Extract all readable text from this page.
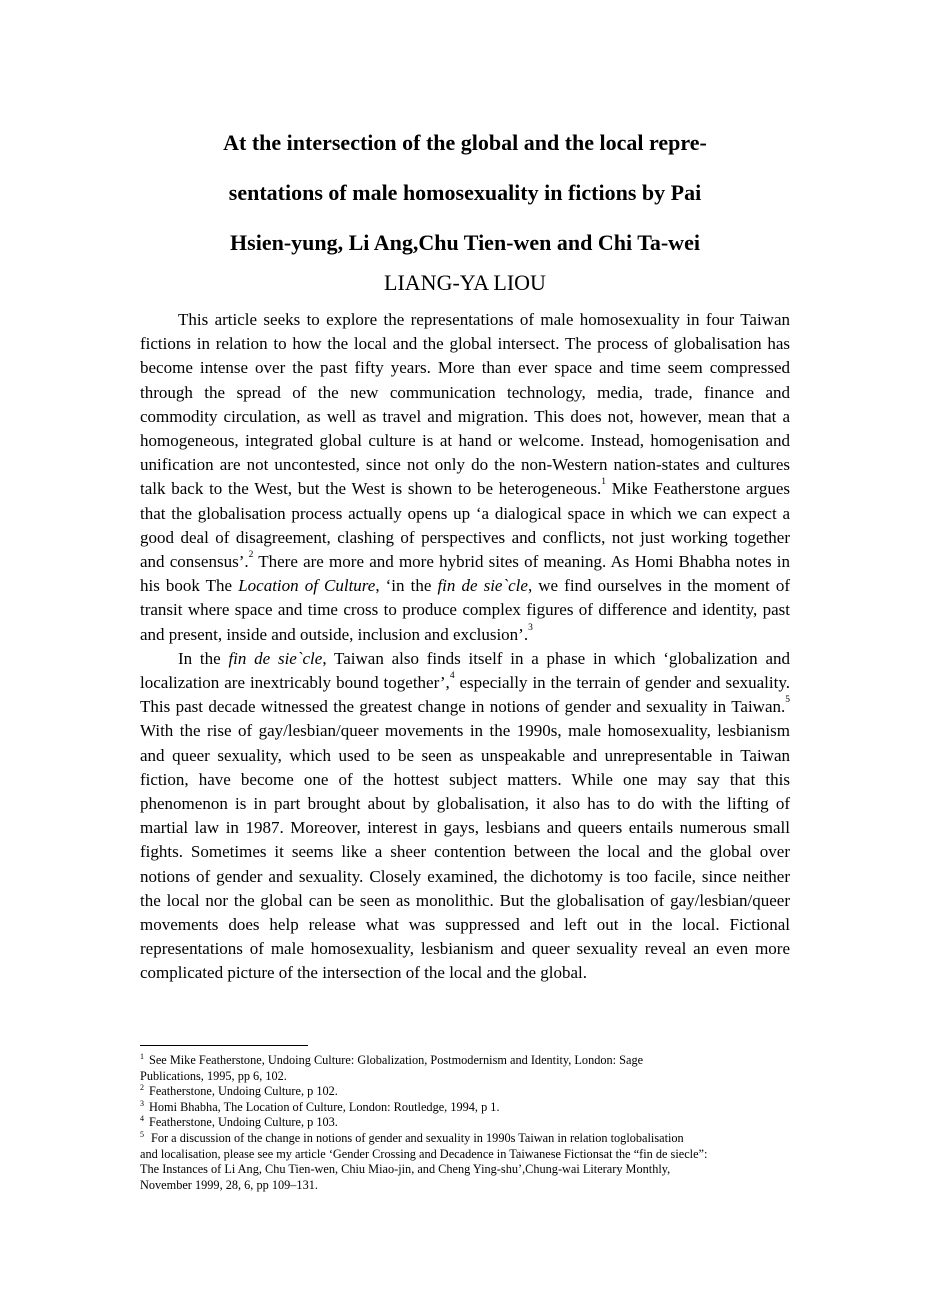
At the intersection of the global and the local repre-
sentations of male homosexuality in fictions by Pai
Hsien-yung, Li Ang,Chu Tien-wen and Chi Ta-wei
LIANG-YA LIOU

This article seeks to explore the representations of male homosexuality in four Taiwan fictions in relation to how the local and the global intersect. The process of globalisation has become intense over the past fifty years. More than ever space and time seem compressed through the spread of the new communication technology, media, trade, finance and commodity circulation, as well as travel and migration. This does not, however, mean that a homogeneous, integrated global culture is at hand or welcome. Instead, homogenisation and unification are not uncontested, since not only do the non-Western nation-states and cultures talk back to the West, but the West is shown to be heterogeneous.$^1$ Mike Featherstone argues that the globalisation process actually opens up ‘a dialogical space in which we can expect a good deal of disagreement, clashing of perspectives and conflicts, not just working together and consensus’.$^2$ There are more and more hybrid sites of meaning. As Homi Bhabha notes in his book The Location of Culture, ‘in the fin de sie`cle, we find ourselves in the moment of transit where space and time cross to produce complex figures of difference and identity, past and present, inside and outside, inclusion and exclusion’.$^3$

In the fin de sie`cle, Taiwan also finds itself in a phase in which ‘globalization and localization are inextricably bound together’,$^4$ especially in the terrain of gender and sexuality. This past decade witnessed the greatest change in notions of gender and sexuality in Taiwan.$^5$ With the rise of gay/lesbian/queer movements in the 1990s, male homosexuality, lesbianism and queer sexuality, which used to be seen as unspeakable and unrepresentable in Taiwan fiction, have become one of the hottest subject matters. While one may say that this phenomenon is in part brought about by globalisation, it also has to do with the lifting of martial law in 1987. Moreover, interest in gays, lesbians and queers entails numerous small fights. Sometimes it seems like a sheer contention between the local and the global over notions of gender and sexuality. Closely examined, the dichotomy is too facile, since neither the local nor the global can be seen as monolithic. But the globalisation of gay/lesbian/queer movements does help release what was suppressed and left out in the local. Fictional representations of male homosexuality, lesbianism and queer sexuality reveal an even more complicated picture of the intersection of the local and the global.

$^1$ See Mike Featherstone, Undoing Culture: Globalization, Postmodernism and Identity, London: Sage
Publications, 1995, pp 6, 102.
$^2$ Featherstone, Undoing Culture, p 102.
$^3$ Homi Bhabha, The Location of Culture, London: Routledge, 1994, p 1.
$^4$ Featherstone, Undoing Culture, p 103.
$^5$ For a discussion of the change in notions of gender and sexuality in 1990s Taiwan in relation toglobalisation
and localisation, please see my article ‘Gender Crossing and Decadence in Taiwanese Fictionsat the “fin de siecle”:
The Instances of Li Ang, Chu Tien-wen, Chiu Miao-jin, and Cheng Ying-shu’,Chung-wai Literary Monthly,
November 1999, 28, 6, pp 109–131.
